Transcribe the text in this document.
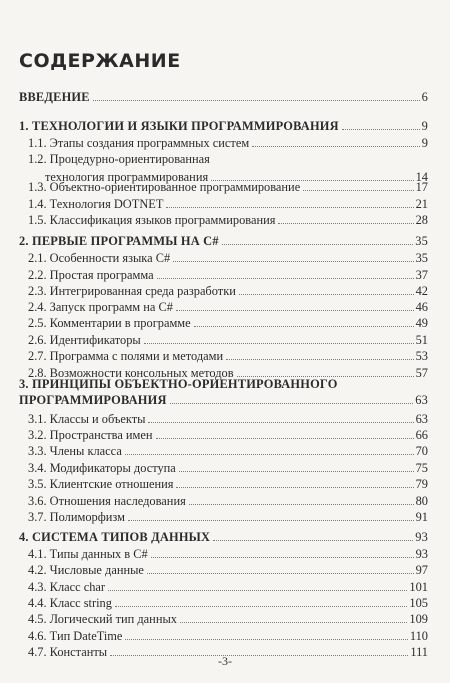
СОДЕРЖАНИЕ
ВВЕДЕНИЕ	6
1. ТЕХНОЛОГИИ И ЯЗЫКИ ПРОГРАММИРОВАНИЯ	9
1.1. Этапы создания программных систем	9
1.2. Процедурно-ориентированная
технология программирования	14
1.3. Объектно-ориентированное программирование	17
1.4. Технология DOTNET	21
1.5. Классификация языков программирования	28
2. ПЕРВЫЕ ПРОГРАММЫ НА C#	35
2.1. Особенности языка C#	35
2.2. Простая программа	37
2.3. Интегрированная среда разработки	42
2.4. Запуск программ на C#	46
2.5. Комментарии в программе	49
2.6. Идентификаторы	51
2.7. Программа с полями и методами	53
2.8. Возможности консольных методов	57
3. ПРИНЦИПЫ ОБЪЕКТНО-ОРИЕНТИРОВАННОГО
ПРОГРАММИРОВАНИЯ	63
3.1. Классы и объекты	63
3.2. Пространства имен	66
3.3. Члены класса	70
3.4. Модификаторы доступа	75
3.5. Клиентские отношения	79
3.6. Отношения наследования	80
3.7. Полиморфизм	91
4. СИСТЕМА ТИПОВ ДАННЫХ	93
4.1. Типы данных в C#	93
4.2. Числовые данные	97
4.3. Класс char	101
4.4. Класс string	105
4.5. Логический тип данных	109
4.6. Тип DateTime	110
4.7. Константы	111
-3-
